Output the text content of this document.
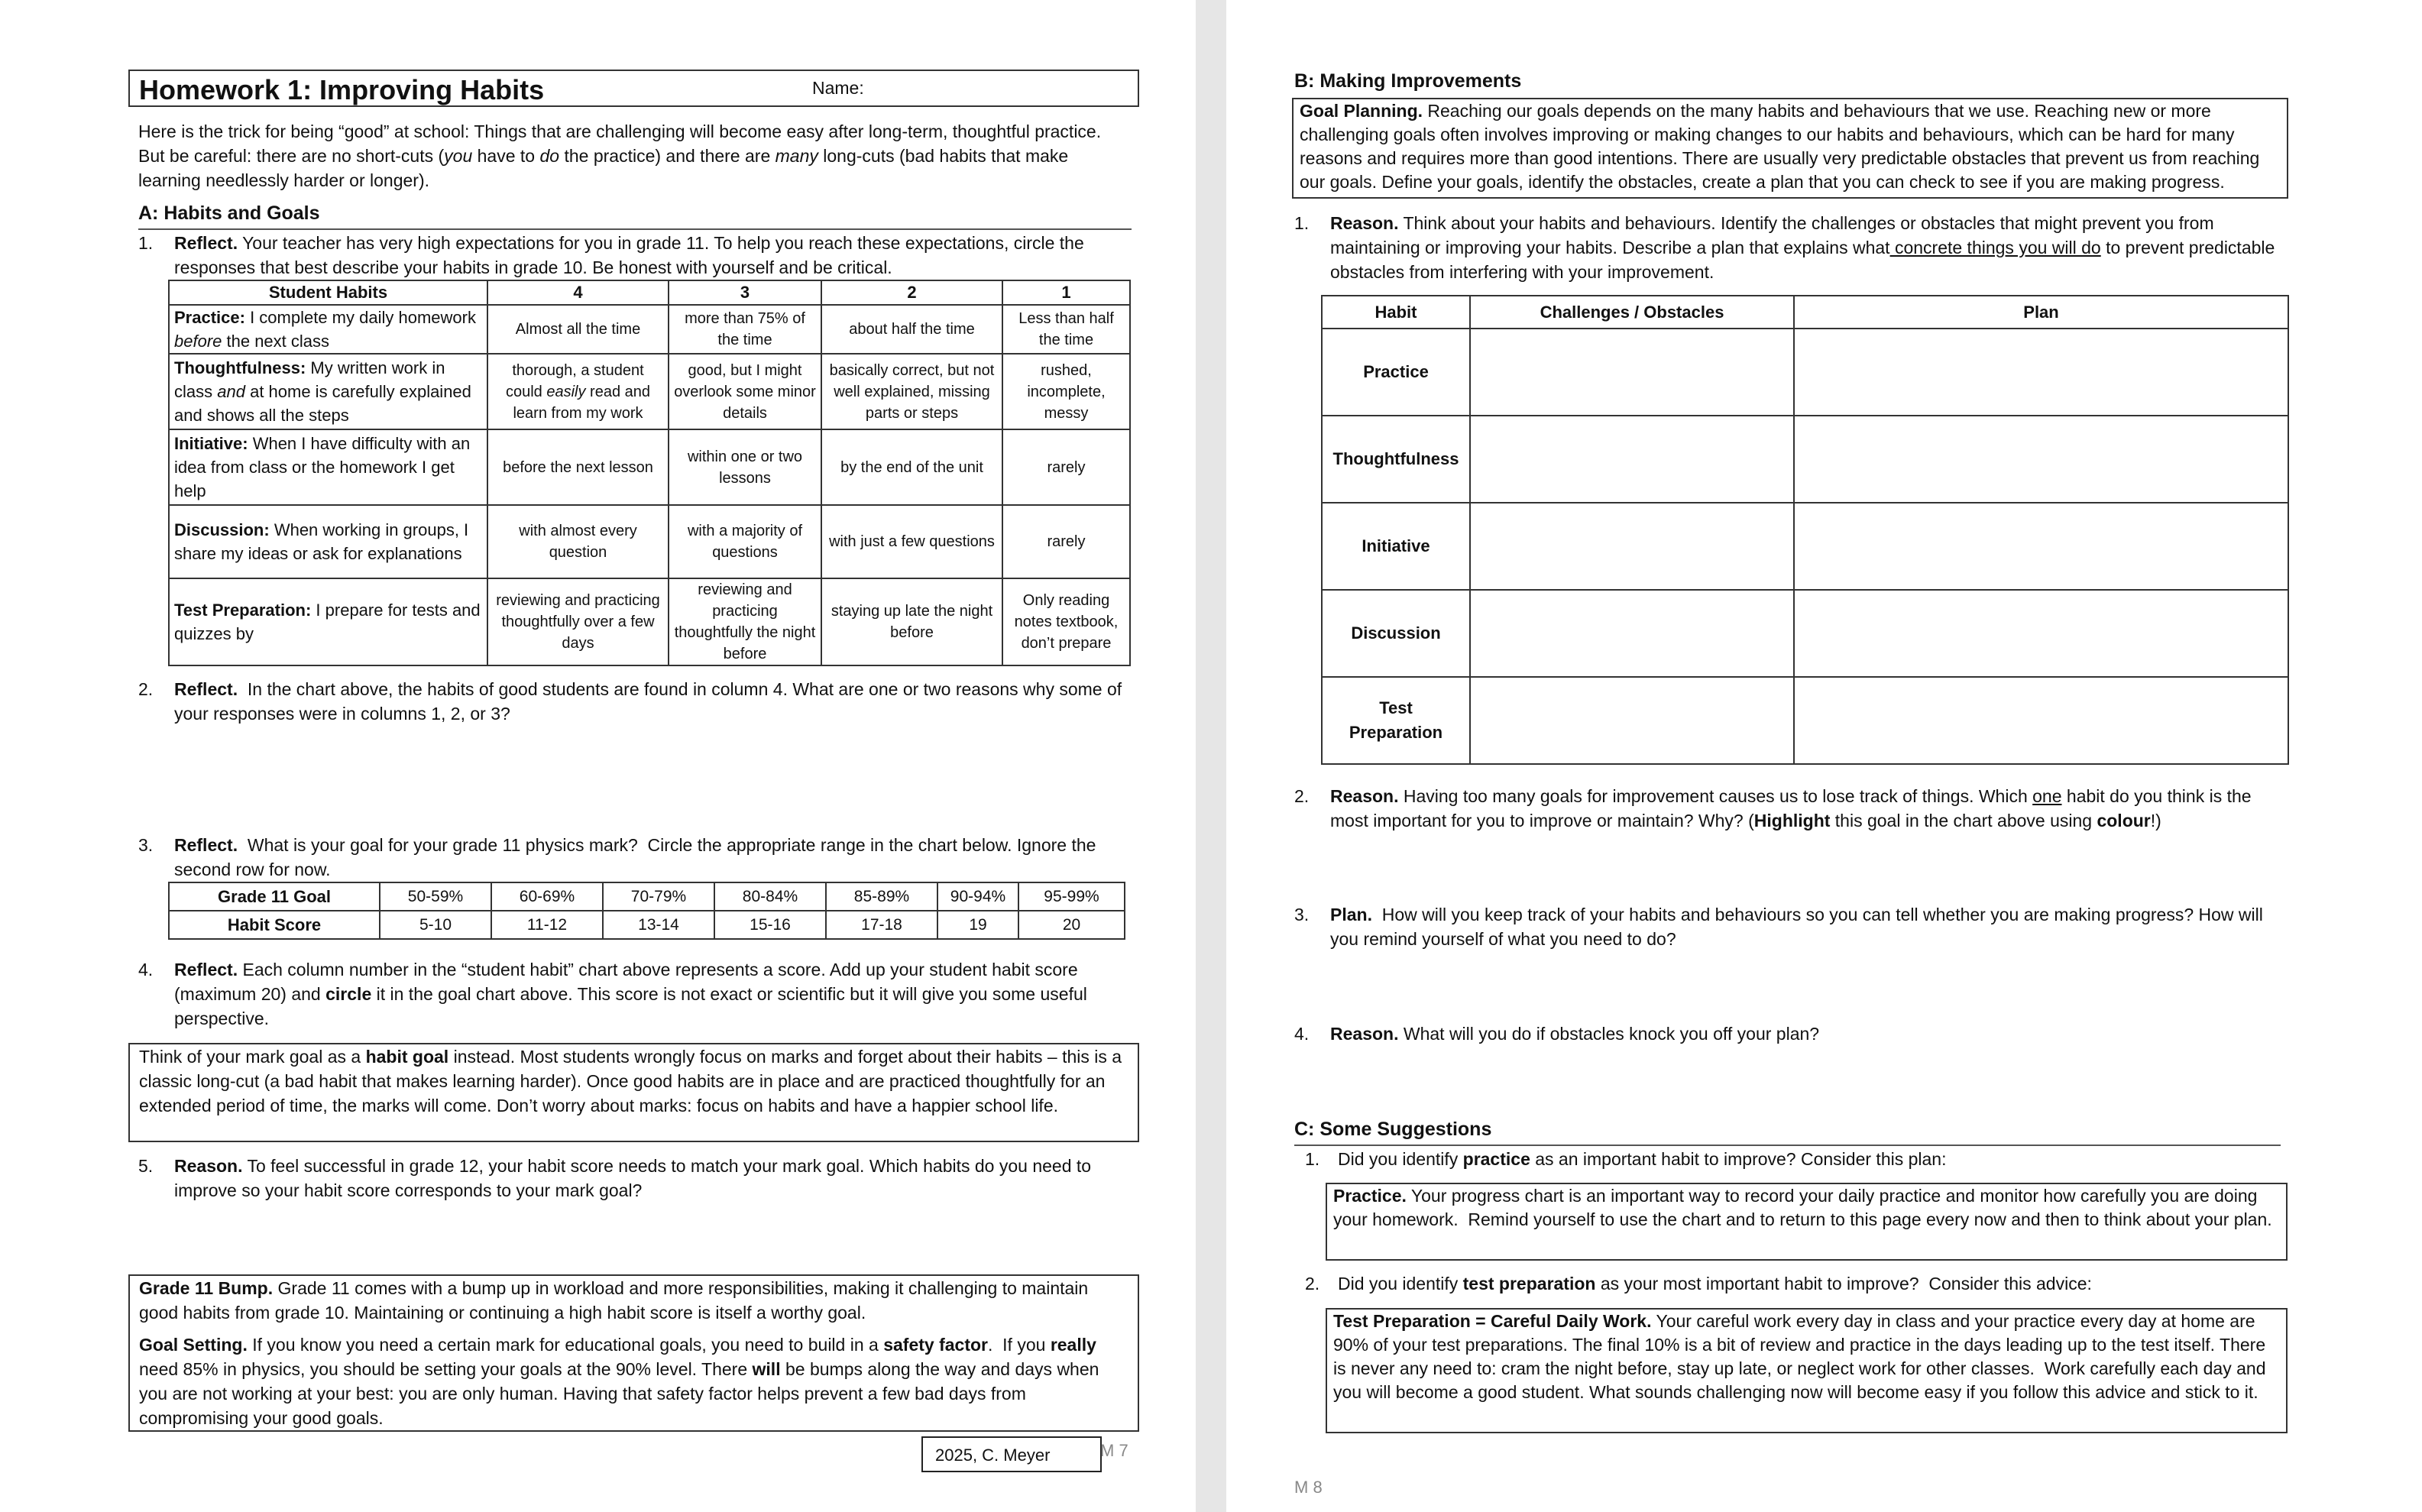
Homework 1: Improving Habits	Name:

Here is the trick for being “good” at school: Things that are challenging will become easy after long-term, thoughtful practice. But be careful: there are no short-cuts (you have to do the practice) and there are many long-cuts (bad habits that make learning needlessly harder or longer).

A: Habits and Goals
1. Reflect. Your teacher has very high expectations for you in grade 11. To help you reach these expectations, circle the responses that best describe your habits in grade 10. Be honest with yourself and be critical.
Student Habits	4	3	2	1
Practice: I complete my daily homework before the next class	Almost all the time	more than 75% of the time	about half the time	Less than half the time
Thoughtfulness: My written work in class and at home is carefully explained and shows all the steps	thorough, a student could easily read and learn from my work	good, but I might overlook some minor details	basically correct, but not well explained, missing parts or steps	rushed, incomplete, messy
Initiative: When I have difficulty with an idea from class or the homework I get help	before the next lesson	within one or two lessons	by the end of the unit	rarely
Discussion: When working in groups, I share my ideas or ask for explanations	with almost every question	with a majority of questions	with just a few questions	rarely
Test Preparation: I prepare for tests and quizzes by	reviewing and practicing thoughtfully over a few days	reviewing and practicing thoughtfully the night before	staying up late the night before	Only reading notes textbook, don’t prepare
2. Reflect.  In the chart above, the habits of good students are found in column 4. What are one or two reasons why some of your responses were in columns 1, 2, or 3?
3. Reflect.  What is your goal for your grade 11 physics mark?  Circle the appropriate range in the chart below. Ignore the second row for now.
Grade 11 Goal	50-59%	60-69%	70-79%	80-84%	85-89%	90-94%	95-99%
Habit Score	5-10	11-12	13-14	15-16	17-18	19	20
4. Reflect. Each column number in the “student habit” chart above represents a score. Add up your student habit score (maximum 20) and circle it in the goal chart above. This score is not exact or scientific but it will give you some useful perspective.

Think of your mark goal as a habit goal instead. Most students wrongly focus on marks and forget about their habits – this is a classic long-cut (a bad habit that makes learning harder). Once good habits are in place and are practiced thoughtfully for an extended period of time, the marks will come. Don’t worry about marks: focus on habits and have a happier school life.

5. Reason. To feel successful in grade 12, your habit score needs to match your mark goal. Which habits do you need to improve so your habit score corresponds to your mark goal?

Grade 11 Bump. Grade 11 comes with a bump up in workload and more responsibilities, making it challenging to maintain good habits from grade 10. Maintaining or continuing a high habit score is itself a worthy goal.

Goal Setting. If you know you need a certain mark for educational goals, you need to build in a safety factor.  If you really need 85% in physics, you should be setting your goals at the 90% level. There will be bumps along the way and days when you are not working at your best: you are only human. Having that safety factor helps prevent a few bad days from compromising your good goals.

2025, C. Meyer	M 7
B: Making Improvements

Goal Planning. Reaching our goals depends on the many habits and behaviours that we use. Reaching new or more challenging goals often involves improving or making changes to our habits and behaviours, which can be hard for many reasons and requires more than good intentions. There are usually very predictable obstacles that prevent us from reaching our goals. Define your goals, identify the obstacles, create a plan that you can check to see if you are making progress.

1. Reason. Think about your habits and behaviours. Identify the challenges or obstacles that might prevent you from maintaining or improving your habits. Describe a plan that explains what concrete things you will do to prevent predictable obstacles from interfering with your improvement.
Habit	Challenges / Obstacles	Plan
Practice		
Thoughtfulness		
Initiative		
Discussion		
Test Preparation		
2. Reason. Having too many goals for improvement causes us to lose track of things. Which one habit do you think is the most important for you to improve or maintain? Why? (Highlight this goal in the chart above using colour!)
3. Plan.  How will you keep track of your habits and behaviours so you can tell whether you are making progress? How will you remind yourself of what you need to do?
4. Reason. What will you do if obstacles knock you off your plan?
C: Some Suggestions
1. Did you identify practice as an important habit to improve? Consider this plan:

Practice. Your progress chart is an important way to record your daily practice and monitor how carefully you are doing your homework.  Remind yourself to use the chart and to return to this page every now and then to think about your plan.

2. Did you identify test preparation as your most important habit to improve?  Consider this advice:

Test Preparation = Careful Daily Work. Your careful work every day in class and your practice every day at home are 90% of your test preparations. The final 10% is a bit of review and practice in the days leading up to the test itself. There is never any need to: cram the night before, stay up late, or neglect work for other classes.  Work carefully each day and you will become a good student. What sounds challenging now will become easy if you follow this advice and stick to it.

M 8
